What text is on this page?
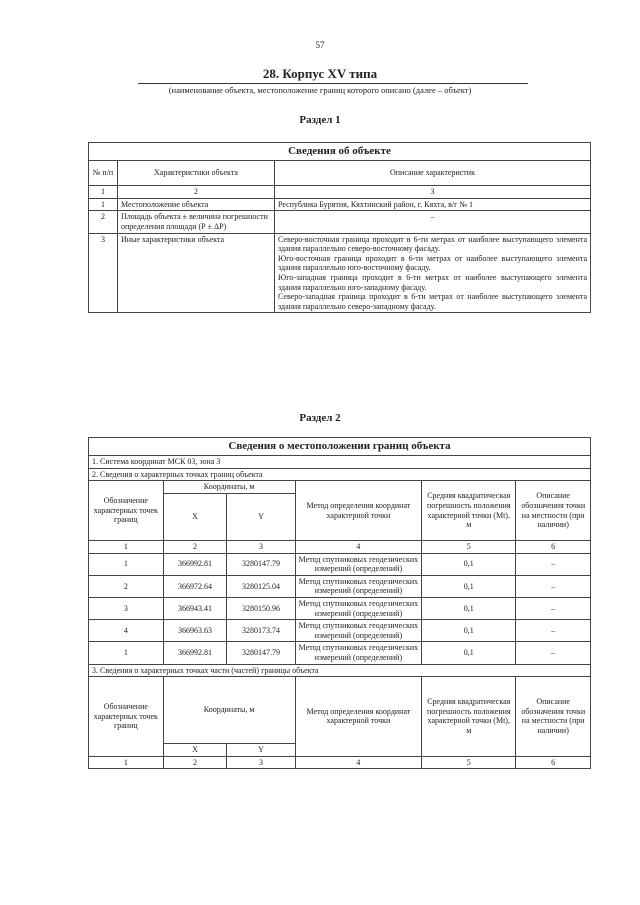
57
28. Корпус XV типа
(наименование объекта, местоположение границ которого описано (далее – объект)
Раздел 1
Сведения об объекте		
№ п/п	Характеристики объекта	Описание характеристик
1	2	3
1	Местоположение объекта	Республика Бурятия, Кяхтинский район, г. Кяхта, в/г № 1
2	Площадь объекта ± величина погрешности определения площади (Р ± ΔР)	–
3	Иные характеристики объекта	Северо-восточная граница проходит в 6-ти метрах от наиболее выступающего элемента здания параллельно северо-восточному фасаду.
Юго-восточная граница проходит в 6-ти метрах от наиболее выступающего элемента здания параллельно юго-восточному фасаду.
Юго-западная граница проходит в 6-ти метрах от наиболее выступающего элемента здания параллельно юго-западному фасаду.
Северо-западная граница проходит в 6-ти метрах от наиболее выступающего элемента здания параллельно северо-западному фасаду.
Раздел 2
Сведения о местоположении границ объекта					
1. Система координат МСК 03, зона 3					
2. Сведения о характерных точках границ объекта					
Обозначение характерных точек границ	Координаты, м		Метод определения координат характерной точки	Средняя квадратическая погрешность положения характерной точки (Mt), м	Описание обозначения точки на местности (при наличии)
	X	Y			
1	2	3	4	5	6
1	366992.81	3280147.79	Метод спутниковых геодезических измерений (определений)	0,1	–
2	366972.64	3280125.04	Метод спутниковых геодезических измерений (определений)	0,1	–
3	366943.41	3280150.96	Метод спутниковых геодезических измерений (определений)	0,1	–
4	366963.63	3280173.74	Метод спутниковых геодезических измерений (определений)	0,1	–
1	366992.81	3280147.79	Метод спутниковых геодезических измерений (определений)	0,1	–
3. Сведения о характерных точках части (частей) границы объекта					
Обозначение характерных точек границ	Координаты, м		Метод определения координат характерной точки	Средняя квадратическая погрешность положения характерной точки (Mt), м	Описание обозначения точки на местности (при наличии)
	X	Y			
1	2	3	4	5	6
